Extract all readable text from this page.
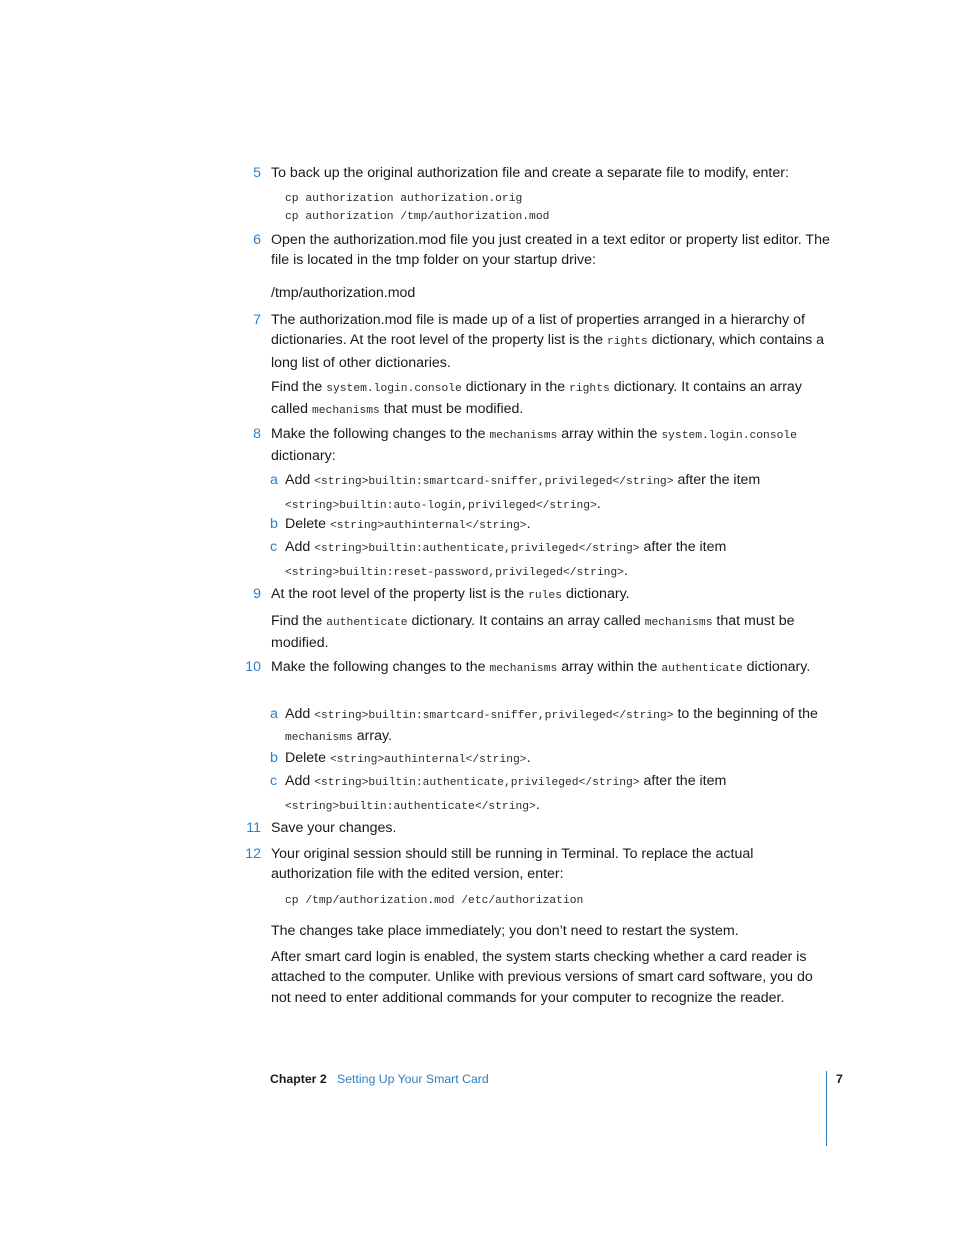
5 To back up the original authorization file and create a separate file to modify, enter:
cp authorization authorization.orig
cp authorization /tmp/authorization.mod
6 Open the authorization.mod file you just created in a text editor or property list editor. The file is located in the tmp folder on your startup drive:
/tmp/authorization.mod
7 The authorization.mod file is made up of a list of properties arranged in a hierarchy of dictionaries. At the root level of the property list is the rights dictionary, which contains a long list of other dictionaries.
Find the system.login.console dictionary in the rights dictionary. It contains an array called mechanisms that must be modified.
8 Make the following changes to the mechanisms array within the system.login.console dictionary:
a Add <string>builtin:smartcard-sniffer,privileged</string> after the item
<string>builtin:auto-login,privileged</string>.
b Delete <string>authinternal</string>.
c Add <string>builtin:authenticate,privileged</string> after the item
<string>builtin:reset-password,privileged</string>.
9 At the root level of the property list is the rules dictionary.
Find the authenticate dictionary. It contains an array called mechanisms that must be modified.
10 Make the following changes to the mechanisms array within the authenticate dictionary.
a Add <string>builtin:smartcard-sniffer,privileged</string> to the beginning of the mechanisms array.
b Delete <string>authinternal</string>.
c Add <string>builtin:authenticate,privileged</string> after the item
<string>builtin:authenticate</string>.
11 Save your changes.
12 Your original session should still be running in Terminal. To replace the actual authorization file with the edited version, enter:
cp /tmp/authorization.mod /etc/authorization
The changes take place immediately; you don’t need to restart the system.
After smart card login is enabled, the system starts checking whether a card reader is attached to the computer. Unlike with previous versions of smart card software, you do not need to enter additional commands for your computer to recognize the reader.
Chapter 2 Setting Up Your Smart Card	7
